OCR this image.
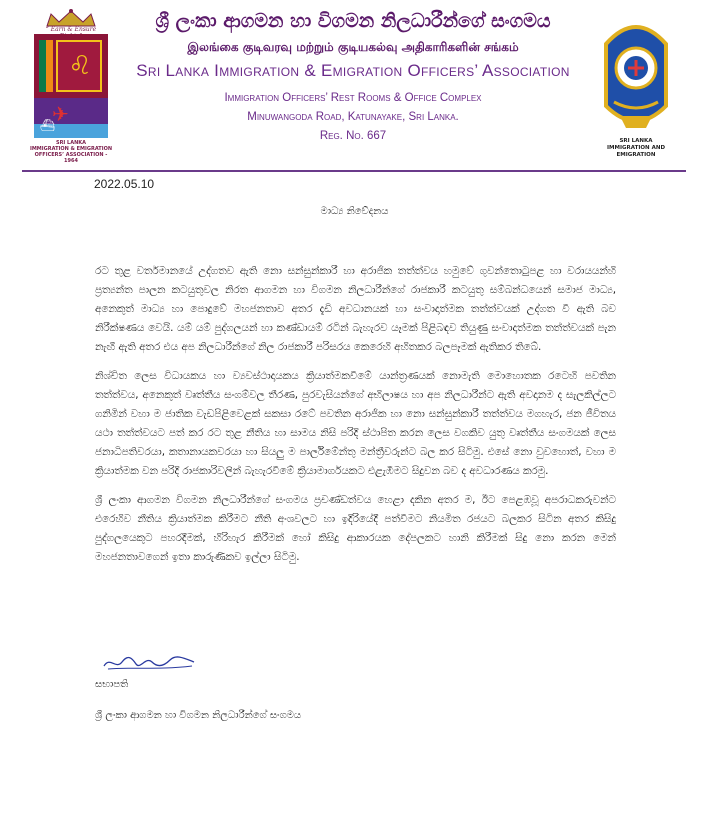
“ Earn & Ensure
♌
✈
⛴
SRI LANKA
IMMIGRATION & EMIGRATION
OFFICERS’ ASSOCIATION - 1964
ශ්‍රී ලංකා ආගමන හා විගමන නිලධාරීන්ගේ සංගමය
இலங்கை குடிவரவு மற்றும் குடியகல்வு அதிகாரிகளின் சங்கம்
Sri Lanka Immigration & Emigration Officers’ Association
Immigration Officers’ Rest Rooms & Office Complex
Minuwangoda Road, Katunayake, Sri Lanka.
Reg. No. 667	SRI LANKA
IMMIGRATION AND EMIGRATION
2022.05.10
මාධ්‍ය නිවේදනය

රට තුළ වර්තමානයේ උද්ගතව ඇති නො සන්සුන්කාරී හා අරාජික තත්ත්වය හමුවේ ගුවන්තොටුපළ හා වරායයන්හි ප්‍රත්‍යන්ත පාලන කටයුතුවල නිරත ආගමන හා විගමන නිලධාරීන්ගේ රාජකාරී කටයුතු සම්බන්ධයෙන් සමාජ මාධ්‍ය, අනෙකුත් මාධ්‍ය හා පොදුවේ මහජනතාව අතර දැඩි අවධානයක් හා සංවාදාත්මක තත්ත්වයක් උද්ගත වී ඇති බව නිරීක්ෂණය වෙයි. යම් යම් පුද්ගලයන් හා කණ්ඩායම් රටින් බැහැරව යෑමක් පිළිබඳව තියුණු සංවාදාත්මක තත්ත්වයක් පැන නැඟී ඇති අතර එය අප නිලධාරීන්ගේ නිල රාජකාරී පරිසරය කෙරෙහි අහිතකර බලපෑමක් ඇතිකර තිබේ.

නිශ්චිත ලෙස විධායකය හා ව්‍යවස්ථාදායකය ක්‍රියාත්මකවීමේ යාන්ත්‍රණයක් නොමැති මොහොතක රටෙහි පවතින තත්ත්වය, අනෙකුත් වෘත්තීය සංගම්වල තීරණ, පුරවැසියන්ගේ අභිලාෂය හා අප නිලධාරීන්ට ඇති අවදානම ද සැලකිල්ලට ගනිමින් වහා ම ජාතික වැඩපිළිවෙළක් සකසා රටේ පවතින අරාජික හා නො සන්සුන්කාරී තත්ත්වය මගහැර, ජන ජීවිතය යථා තත්ත්වයට පත් කර රට තුළ නීතිය හා සාමය නිසි පරිදි ස්ථාපිත කරන ලෙස වගකිව යුතු වෘත්තීය සංගමයක් ලෙස ජනාධිපතිවරයා, කතානායකවරයා හා සියලු ම පාර්ලිමේන්තු මන්ත්‍රීවරුන්ට බල කර සිටිමු. එසේ නො වුවහොත්, වහා ම ක්‍රියාත්මක වන පරිදි රාජකාරිවලින් බැහැරවීමේ ක්‍රියාමාර්ගයකට එළැඹීමට සිදුවන බව ද අවධාරණය කරමු.

ශ්‍රී ලංකා ආගමන විගමන නිලධාරීන්ගේ සංගමය ප්‍රචණ්ඩත්වය හෙළා දකින අතර ම, ඊට පෙළඹවූ අපරාධකරුවන්ට එරෙහිව නීතිය ක්‍රියාත්මක කිරීමට නීති අංශවලට හා ඉදිරියේදී පත්වීමට නියමිත රජයට බලකර සිටින අතර කිසිදු පුද්ගලයෙකුට පහරදීමක්, හිරිහැර කිරීමක් හෝ කිසිදු ආකාරයක දේපලකට හානි කිරීමක් සිදු නො කරන මෙන් මහජනතාවගෙන් ඉතා කාරුණිකව ඉල්ලා සිටිමු.

සභාපති
ශ්‍රී ලංකා ආගමන හා විගමන නිලධාරීන්ගේ සංගමය
